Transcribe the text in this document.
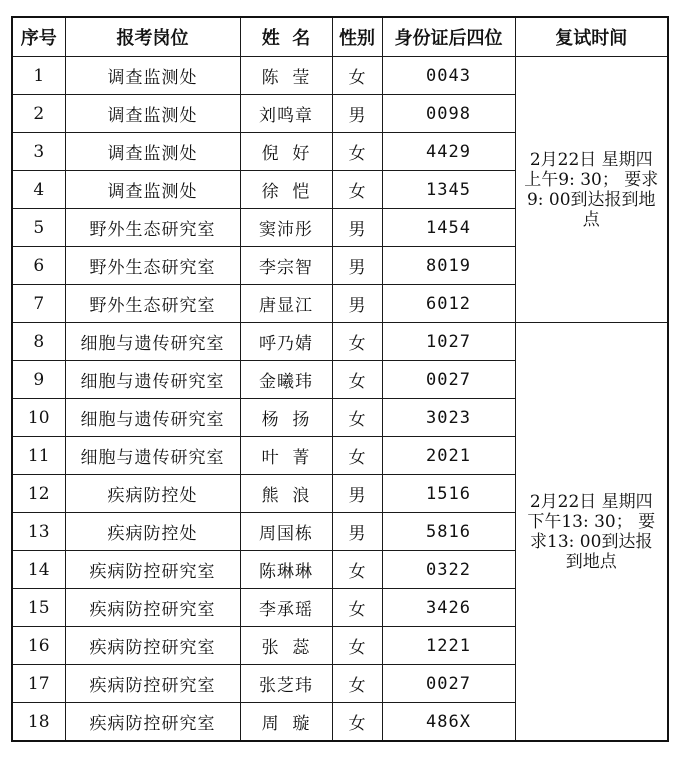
序号	报考岗位	姓  名	性别	身份证后四位	复试时间
1	调查监测处	陈  莹	女	0043	2月22日 星期四
上午9: 30； 要求
9: 00到达报到地
点

2	调查监测处	刘鸣章	男	0098	
3	调查监测处	倪  好	女	4429	
4	调查监测处	徐  恺	女	1345	
5	野外生态研究室	窦沛彤	男	1454	
6	野外生态研究室	李宗智	男	8019	
7	野外生态研究室	唐显江	男	6012	
8	细胞与遗传研究室	呼乃婧	女	1027	2月22日 星期四
下午13: 30； 要
求13: 00到达报
到地点

9	细胞与遗传研究室	金曦玮	女	0027	
10	细胞与遗传研究室	杨  扬	女	3023	
11	细胞与遗传研究室	叶  菁	女	2021	
12	疾病防控处	熊  浪	男	1516	
13	疾病防控处	周国栋	男	5816	
14	疾病防控研究室	陈琳琳	女	0322	
15	疾病防控研究室	李承瑶	女	3426	
16	疾病防控研究室	张  蕊	女	1221	
17	疾病防控研究室	张芝玮	女	0027	
18	疾病防控研究室	周  璇	女	486X	
